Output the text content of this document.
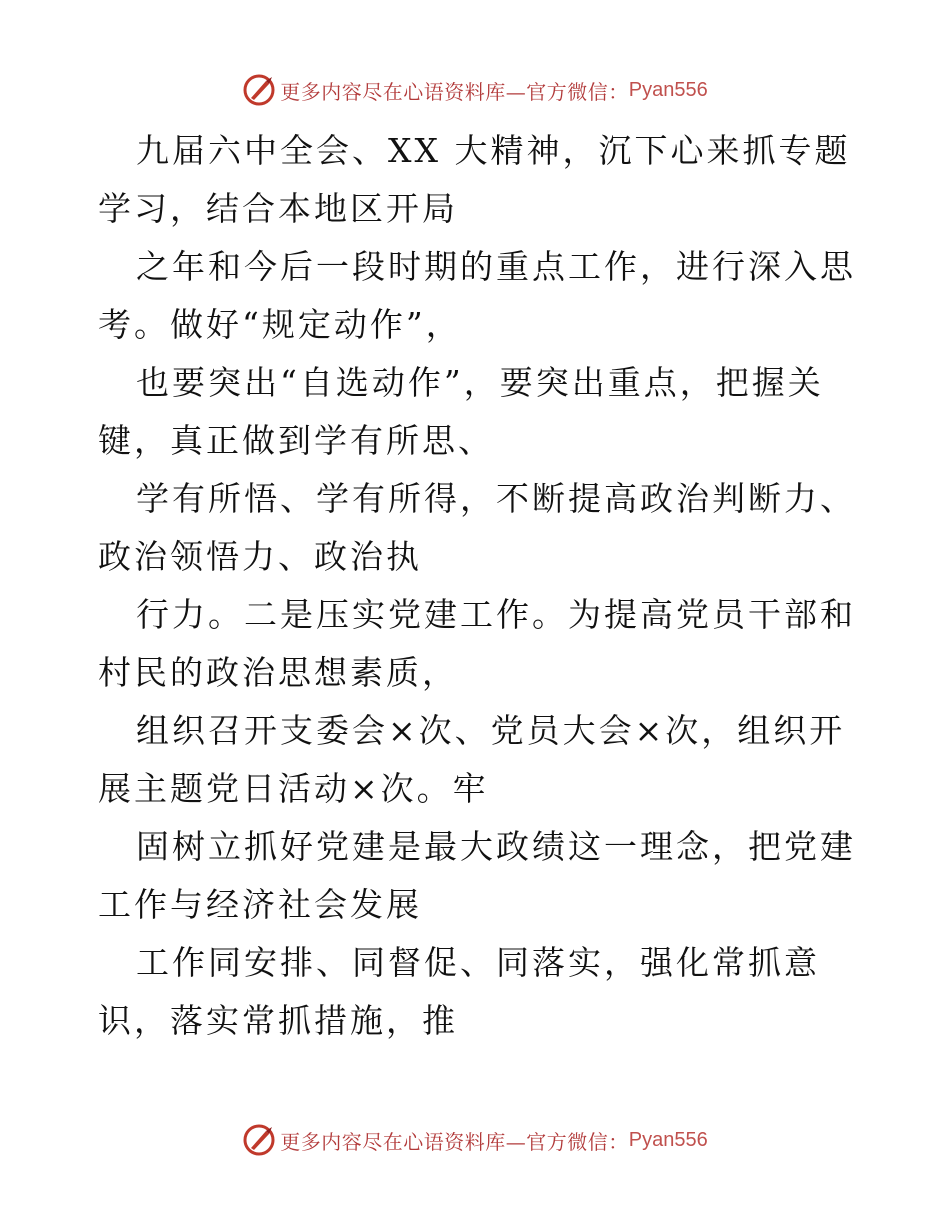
更多内容尽在心语资料库—官方微信： Pyan556

九届六中全会、XX 大精神，沉下心来抓专题学习，结合本地区开局

之年和今后一段时期的重点工作，进行深入思考。做好“规定动作”，

也要突出“自选动作”，要突出重点，把握关键，真正做到学有所思、

学有所悟、学有所得，不断提高政治判断力、政治领悟力、政治执

行力。二是压实党建工作。为提高党员干部和村民的政治思想素质，

组织召开支委会×次、党员大会×次，组织开展主题党日活动×次。牢

固树立抓好党建是最大政绩这一理念，把党建工作与经济社会发展

工作同安排、同督促、同落实，强化常抓意识，落实常抓措施，推

更多内容尽在心语资料库—官方微信： Pyan556
